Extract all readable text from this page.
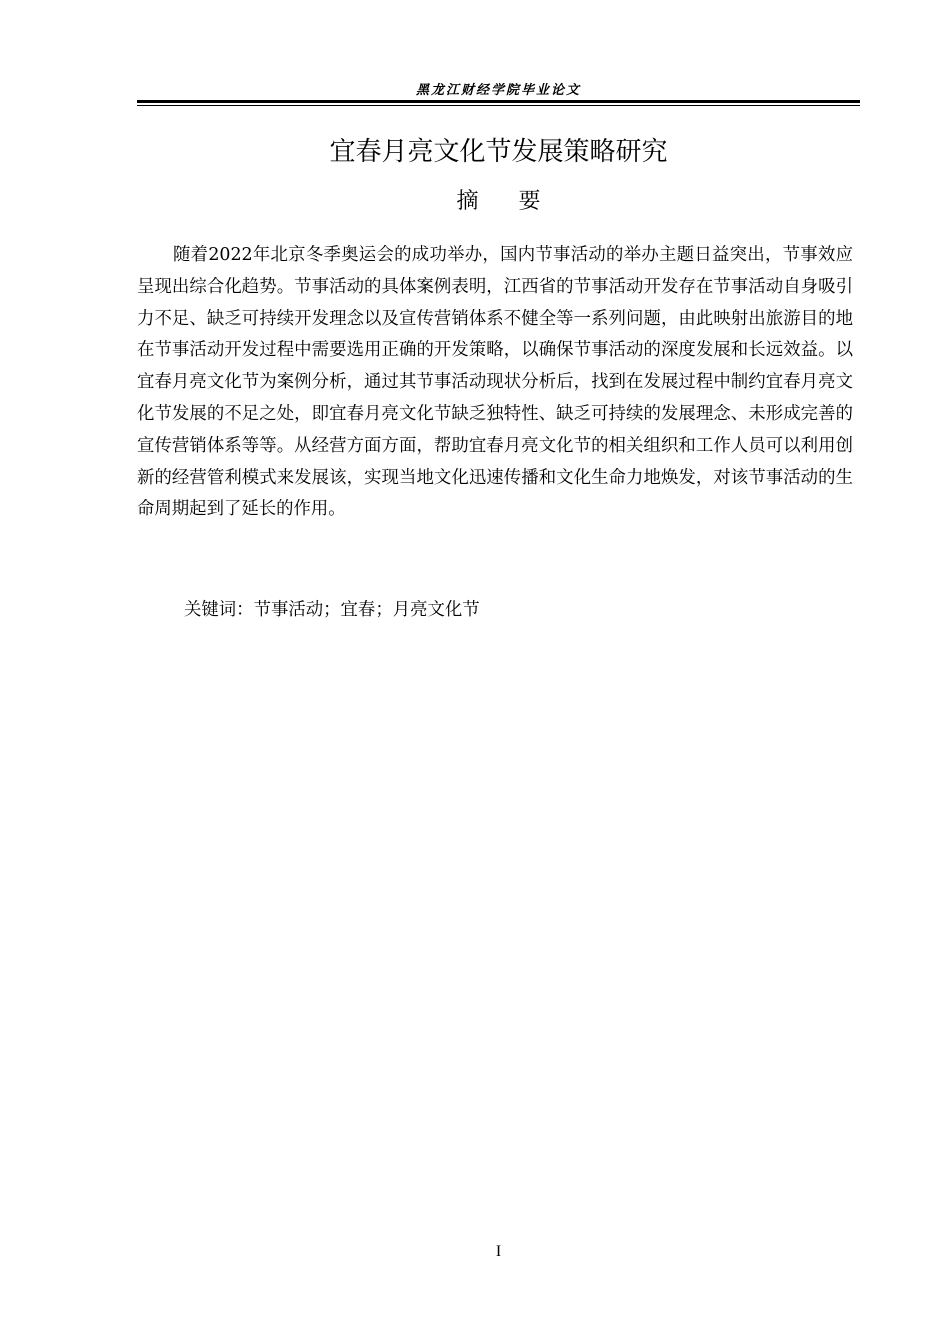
黑龙江财经学院毕业论文
宜春月亮文化节发展策略研究
摘要

随着2022年北京冬季奥运会的成功举办，国内节事活动的举办主题日益突出，节事效应呈现出综合化趋势。节事活动的具体案例表明，江西省的节事活动开发存在节事活动自身吸引力不足、缺乏可持续开发理念以及宣传营销体系不健全等一系列问题，由此映射出旅游目的地在节事活动开发过程中需要选用正确的开发策略，以确保节事活动的深度发展和长远效益。以宜春月亮文化节为案例分析，通过其节事活动现状分析后，找到在发展过程中制约宜春月亮文化节发展的不足之处，即宜春月亮文化节缺乏独特性、缺乏可持续的发展理念、未形成完善的宣传营销体系等等。从经营方面方面，帮助宜春月亮文化节的相关组织和工作人员可以利用创新的经营管利模式来发展该，实现当地文化迅速传播和文化生命力地焕发，对该节事活动的生命周期起到了延长的作用。

关键词：节事活动；宜春；月亮文化节
I
